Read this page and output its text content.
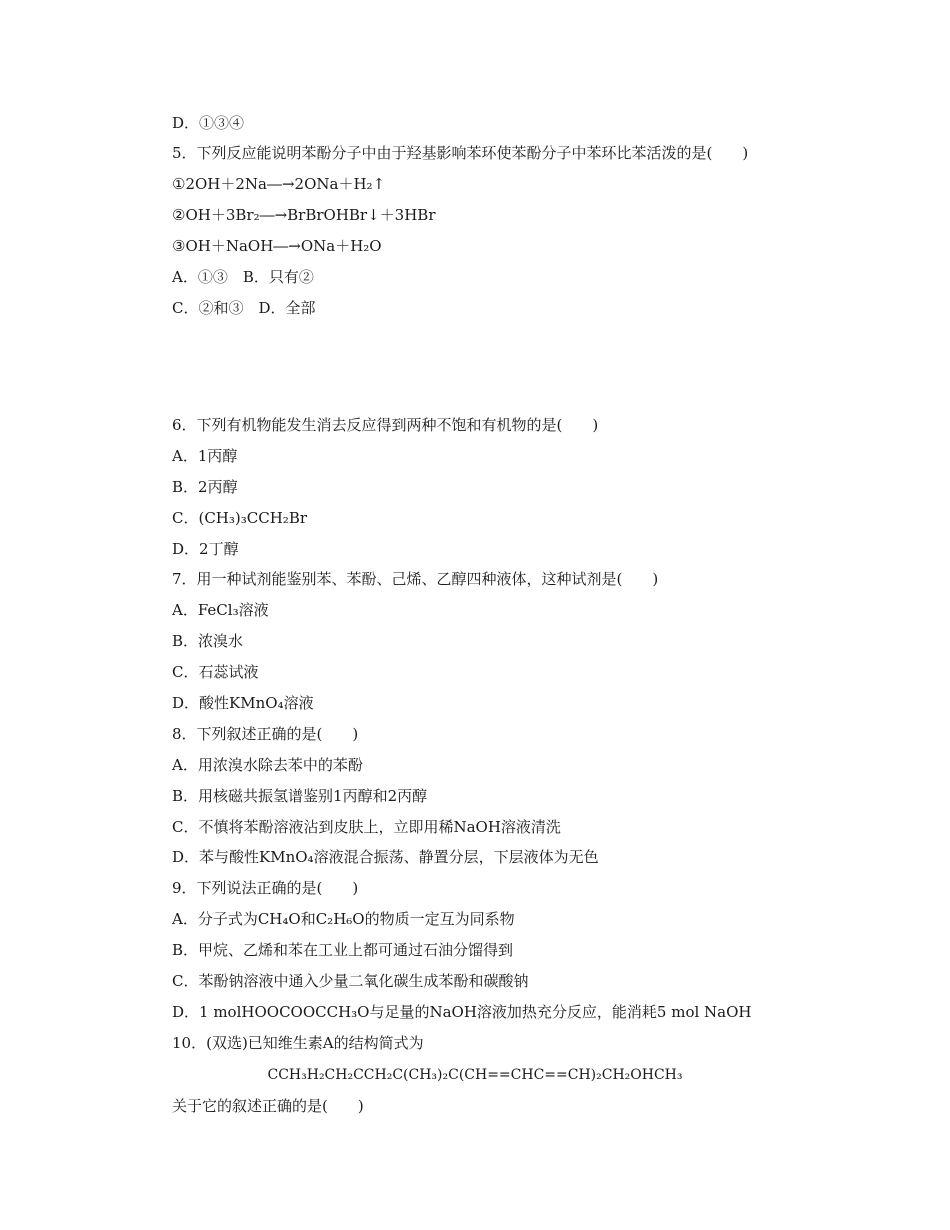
D．①③④
5．下列反应能说明苯酚分子中由于羟基影响苯环使苯酚分子中苯环比苯活泼的是(　　)
①2OH＋2Na―→2ONa＋H₂↑
②OH＋3Br₂―→BrBrOHBr↓＋3HBr
③OH＋NaOH―→ONa＋H₂O
A．①③　B．只有②
C．②和③　D．全部
6．下列有机物能发生消去反应得到两种不饱和有机物的是(　　)
A．1丙醇
B．2丙醇
C．(CH₃)₃CCH₂Br
D．2丁醇
7．用一种试剂能鉴别苯、苯酚、己烯、乙醇四种液体，这种试剂是(　　)
A．FeCl₃溶液
B．浓溴水
C．石蕊试液
D．酸性KMnO₄溶液
8．下列叙述正确的是(　　)
A．用浓溴水除去苯中的苯酚
B．用核磁共振氢谱鉴别1丙醇和2丙醇
C．不慎将苯酚溶液沾到皮肤上，立即用稀NaOH溶液清洗
D．苯与酸性KMnO₄溶液混合振荡、静置分层，下层液体为无色
9．下列说法正确的是(　　)
A．分子式为CH₄O和C₂H₆O的物质一定互为同系物
B．甲烷、乙烯和苯在工业上都可通过石油分馏得到
C．苯酚钠溶液中通入少量二氧化碳生成苯酚和碳酸钠
D．1 molHOOCOOCCH₃O与足量的NaOH溶液加热充分反应，能消耗5 mol NaOH
10．(双选)已知维生素A的结构简式为
CCH₃H₂CH₂CCH₂C(CH₃)₂C(CH==CHC==CH)₂CH₂OHCH₃
关于它的叙述正确的是(　　)
